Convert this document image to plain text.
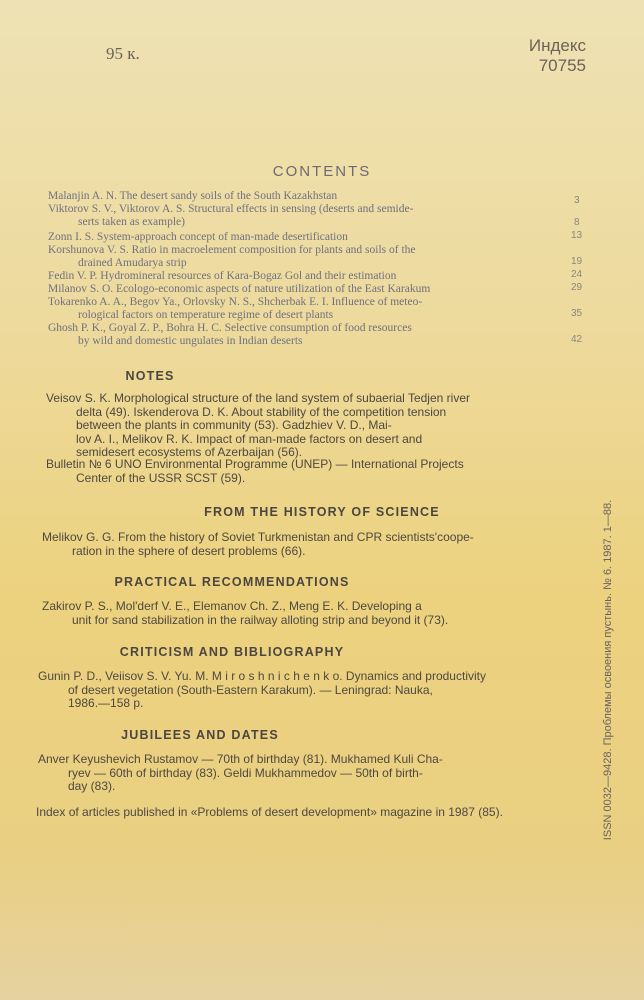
95 к.	Индекс
70755
CONTENTS
Malanjin A. N. The desert sandy soils of the South Kazakhstan
Viktorov S. V., Viktorov A. S. Structural effects in sensing (deserts and semide-
serts taken as example)
Zonn I. S. System-approach concept of man-made desertification
Korshunova V. S. Ratio in macroelement composition for plants and soils of the
drained Amudarya strip
Fedin V. P. Hydromineral resources of Kara-Bogaz Gol and their estimation
Milanov S. O. Ecologo-economic aspects of nature utilization of the East Karakum
Tokarenko A. A., Begov Ya., Orlovsky N. S., Shcherbak E. I. Influence of meteo-
rological factors on temperature regime of desert plants
Ghosh P. K., Goyal Z. P., Bohra H. C. Selective consumption of food resources
by wild and domestic ungulates in Indian deserts
3
8
13
19
24
29
35
42
NOTES
Veisov S. K. Morphological structure of the land system of subaerial Tedjen river
delta (49). Iskenderova D. K. About stability of the competition tension
between the plants in community (53). Gadzhiev V. D., Mai-
lov A. I., Melikov R. K. Impact of man-made factors on desert and
semidesert ecosystems of Azerbaijan (56).
Bulletin № 6 UNO Environmental Programme (UNEP) — International Projects
Center of the USSR SCST (59).
FROM THE HISTORY OF SCIENCE
Melikov G. G. From the history of Soviet Turkmenistan and CPR scientists'coope-
ration in the sphere of desert problems (66).
PRACTICAL RECOMMENDATIONS
Zakirov P. S., Mol'derf V. E., Elemanov Ch. Z., Meng E. K. Developing a
unit for sand stabilization in the railway alloting strip and beyond it (73).
CRITICISM AND BIBLIOGRAPHY
Gunin P. D., Veiisov S. V. Yu. M. M i r o s h n i c h e n k o. Dynamics and productivity
of desert vegetation (South-Eastern Karakum). — Leningrad: Nauka,
1986.—158 p.
JUBILEES AND DATES
Anver Keyushevich Rustamov — 70th of birthday (81). Mukhamed Kuli Cha-
ryev — 60th of birthday (83). Geldi Mukhammedov — 50th of birth-
day (83).
Index of articles published in «Problems of desert development» magazine in 1987 (85).	ISSN 0032—9428. Проблемы освоения пустынь. № 6. 1987. 1—88.
